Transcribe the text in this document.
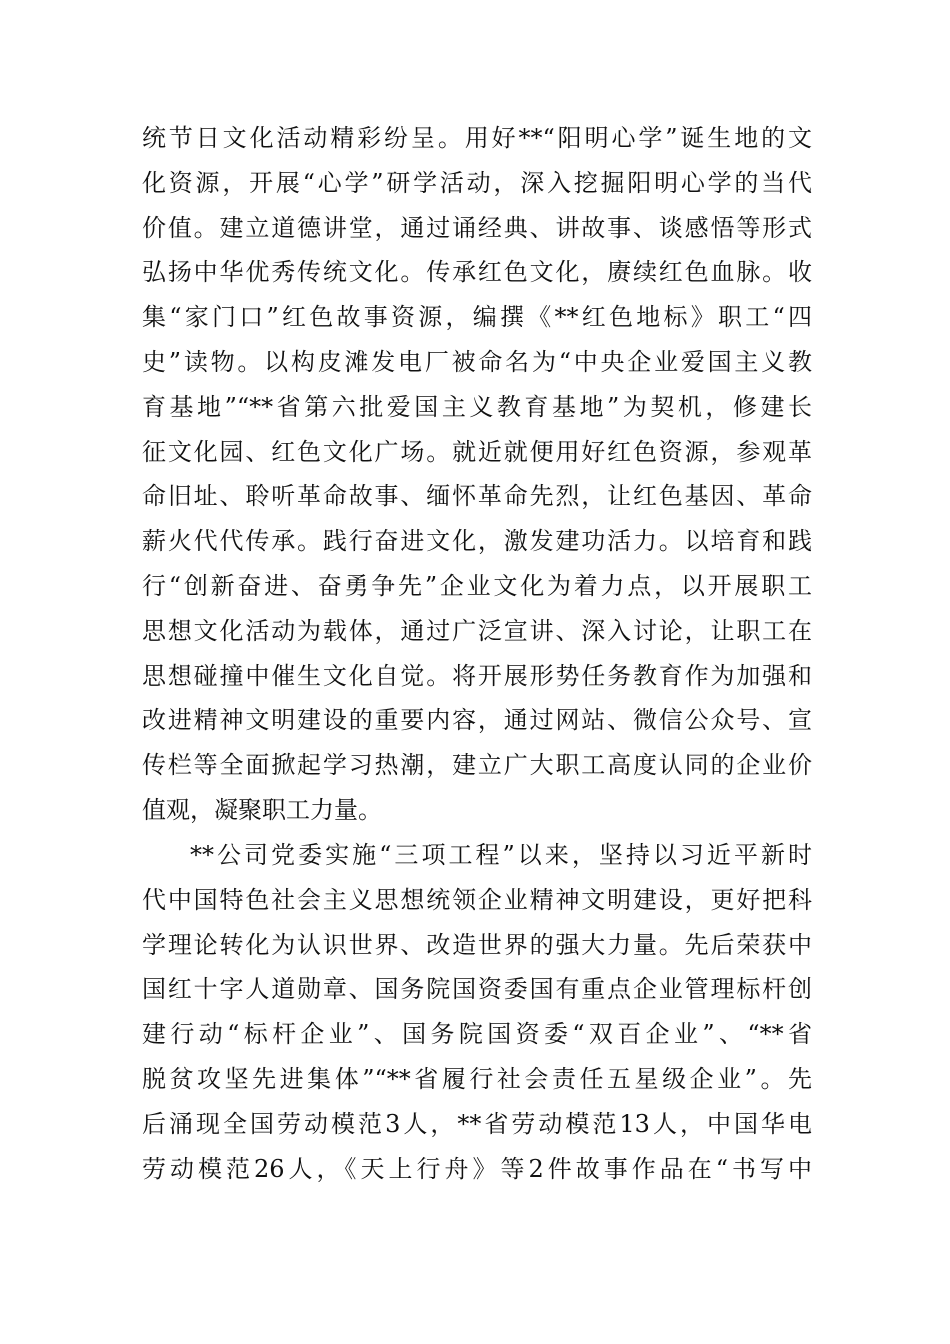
统节日文化活动精彩纷呈。用好**“阳明心学”诞生地的文
化资源，开展“心学”研学活动，深入挖掘阳明心学的当代
价值。建立道德讲堂，通过诵经典、讲故事、谈感悟等形式
弘扬中华优秀传统文化。传承红色文化，赓续红色血脉。收
集“家门口”红色故事资源，编撰《**红色地标》职工“四
史”读物。以构皮滩发电厂被命名为“中央企业爱国主义教
育基地”“**省第六批爱国主义教育基地”为契机，修建长
征文化园、红色文化广场。就近就便用好红色资源，参观革
命旧址、聆听革命故事、缅怀革命先烈，让红色基因、革命
薪火代代传承。践行奋进文化，激发建功活力。以培育和践
行“创新奋进、奋勇争先”企业文化为着力点，以开展职工
思想文化活动为载体，通过广泛宣讲、深入讨论，让职工在
思想碰撞中催生文化自觉。将开展形势任务教育作为加强和
改进精神文明建设的重要内容，通过网站、微信公众号、宣
传栏等全面掀起学习热潮，建立广大职工高度认同的企业价
值观，凝聚职工力量。
**公司党委实施“三项工程”以来，坚持以习近平新时
代中国特色社会主义思想统领企业精神文明建设，更好把科
学理论转化为认识世界、改造世界的强大力量。先后荣获中
国红十字人道勋章、国务院国资委国有重点企业管理标杆创
建行动“标杆企业”、国务院国资委“双百企业”、“**省
脱贫攻坚先进集体”“**省履行社会责任五星级企业”。先
后涌现全国劳动模范3人，**省劳动模范13人，中国华电
劳动模范26人，《天上行舟》等2件故事作品在“书写中
